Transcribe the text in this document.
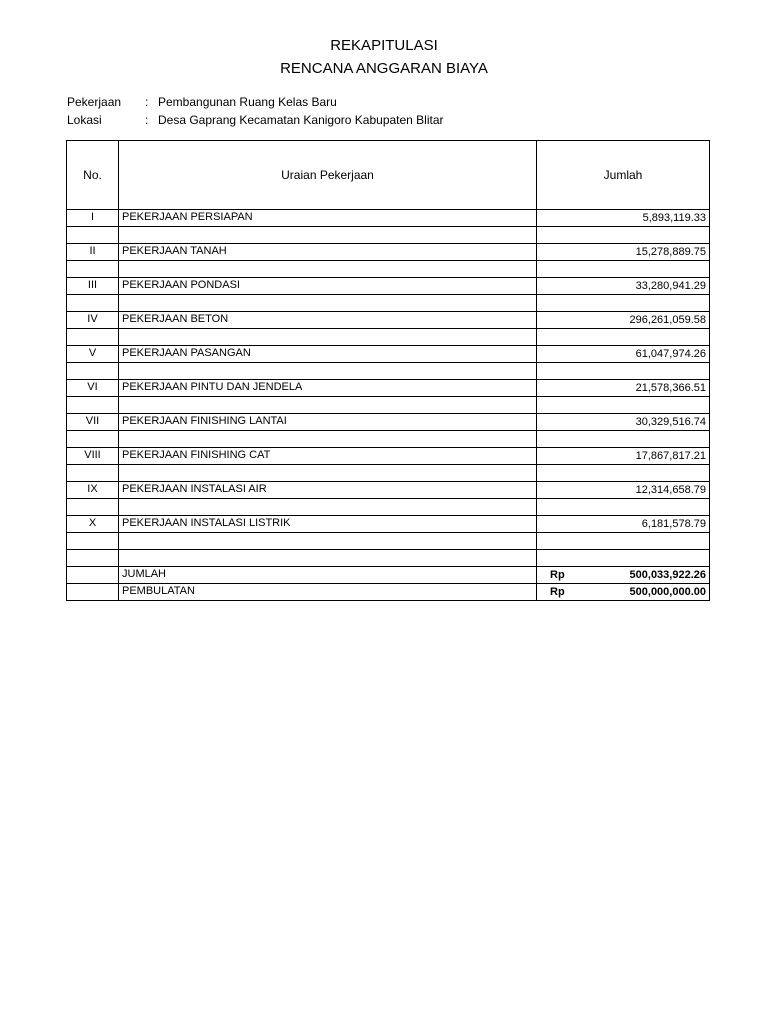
REKAPITULASI
RENCANA ANGGARAN BIAYA
Pekerjaan : Pembangunan Ruang Kelas Baru
Lokasi	: Desa Gaprang Kecamatan Kanigoro Kabupaten Blitar
No.	Uraian Pekerjaan	Jumlah
I	PEKERJAAN PERSIAPAN	5,893,119.33

II	PEKERJAAN TANAH	15,278,889.75

III	PEKERJAAN PONDASI	33,280,941.29

IV	PEKERJAAN BETON	296,261,059.58

V	PEKERJAAN PASANGAN	61,047,974.26

VI	PEKERJAAN PINTU DAN JENDELA	21,578,366.51

VII	PEKERJAAN FINISHING LANTAI	30,329,516.74

VIII	PEKERJAAN FINISHING CAT	17,867,817.21

IX	PEKERJAAN INSTALASI AIR	12,314,658.79

X	PEKERJAAN INSTALASI LISTRIK	6,181,578.79

	JUMLAH	Rp 500,033,922.26
	PEMBULATAN	Rp 500,000,000.00
